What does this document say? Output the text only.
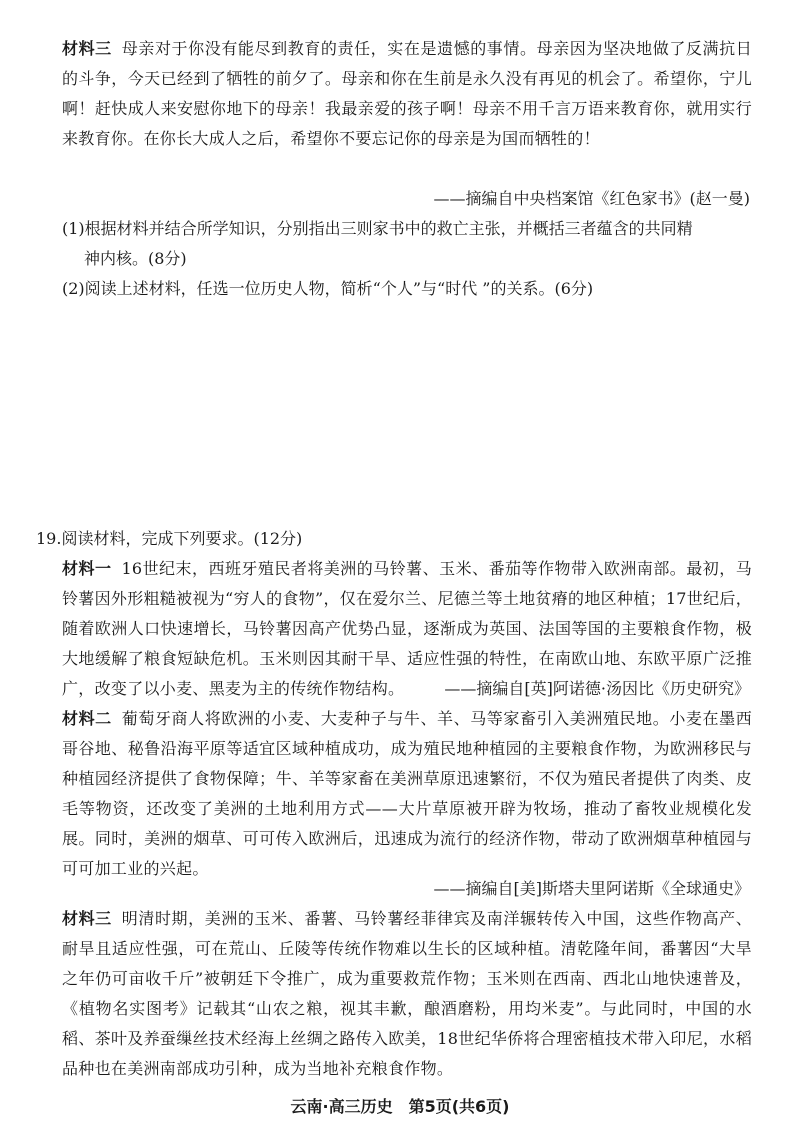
材料三 母亲对于你没有能尽到教育的责任，实在是遗憾的事情。母亲因为坚决地做了反满抗日的斗争，今天已经到了牺牲的前夕了。母亲和你在生前是永久没有再见的机会了。希望你，宁儿啊！赶快成人来安慰你地下的母亲！我最亲爱的孩子啊！母亲不用千言万语来教育你，就用实行来教育你。在你长大成人之后，希望你不要忘记你的母亲是为国而牺牲的！

——摘编自中央档案馆《红色家书》(赵一曼)

(1)根据材料并结合所学知识，分别指出三则家书中的救亡主张，并概括三者蕴含的共同精
神内核。(8分)

(2)阅读上述材料，任选一位历史人物，简析“个人”与“时代 ”的关系。(6分)

19.阅读材料，完成下列要求。(12分)

材料一 16世纪末，西班牙殖民者将美洲的马铃薯、玉米、番茄等作物带入欧洲南部。最初，马铃薯因外形粗糙被视为“穷人的食物”，仅在爱尔兰、尼德兰等土地贫瘠的地区种植；17世纪后，随着欧洲人口快速增长，马铃薯因高产优势凸显，逐渐成为英国、法国等国的主要粮食作物，极大地缓解了粮食短缺危机。玉米则因其耐干旱、适应性强的特性，在南欧山地、东欧平原广泛推广，改变了以小麦、黑麦为主的传统作物结构。	——摘编自[英]阿诺德·汤因比《历史研究》

材料二 葡萄牙商人将欧洲的小麦、大麦种子与牛、羊、马等家畜引入美洲殖民地。小麦在墨西哥谷地、秘鲁沿海平原等适宜区域种植成功，成为殖民地种植园的主要粮食作物，为欧洲移民与种植园经济提供了食物保障；牛、羊等家畜在美洲草原迅速繁衍，不仅为殖民者提供了肉类、皮毛等物资，还改变了美洲的土地利用方式——大片草原被开辟为牧场，推动了畜牧业规模化发展。同时，美洲的烟草、可可传入欧洲后，迅速成为流行的经济作物，带动了欧洲烟草种植园与可可加工业的兴起。

——摘编自[美]斯塔夫里阿诺斯《全球通史》

材料三 明清时期，美洲的玉米、番薯、马铃薯经菲律宾及南洋辗转传入中国，这些作物高产、耐旱且适应性强，可在荒山、丘陵等传统作物难以生长的区域种植。清乾隆年间，番薯因“大旱之年仍可亩收千斤”被朝廷下令推广，成为重要救荒作物；玉米则在西南、西北山地快速普及，《植物名实图考》记载其“山农之粮，视其丰歉，酿酒磨粉，用均米麦”。与此同时，中国的水稻、茶叶及养蚕缫丝技术经海上丝绸之路传入欧美，18世纪华侨将合理密植技术带入印尼，水稻品种也在美洲南部成功引种，成为当地补充粮食作物。

云南·高三历史　第5页(共6页)
